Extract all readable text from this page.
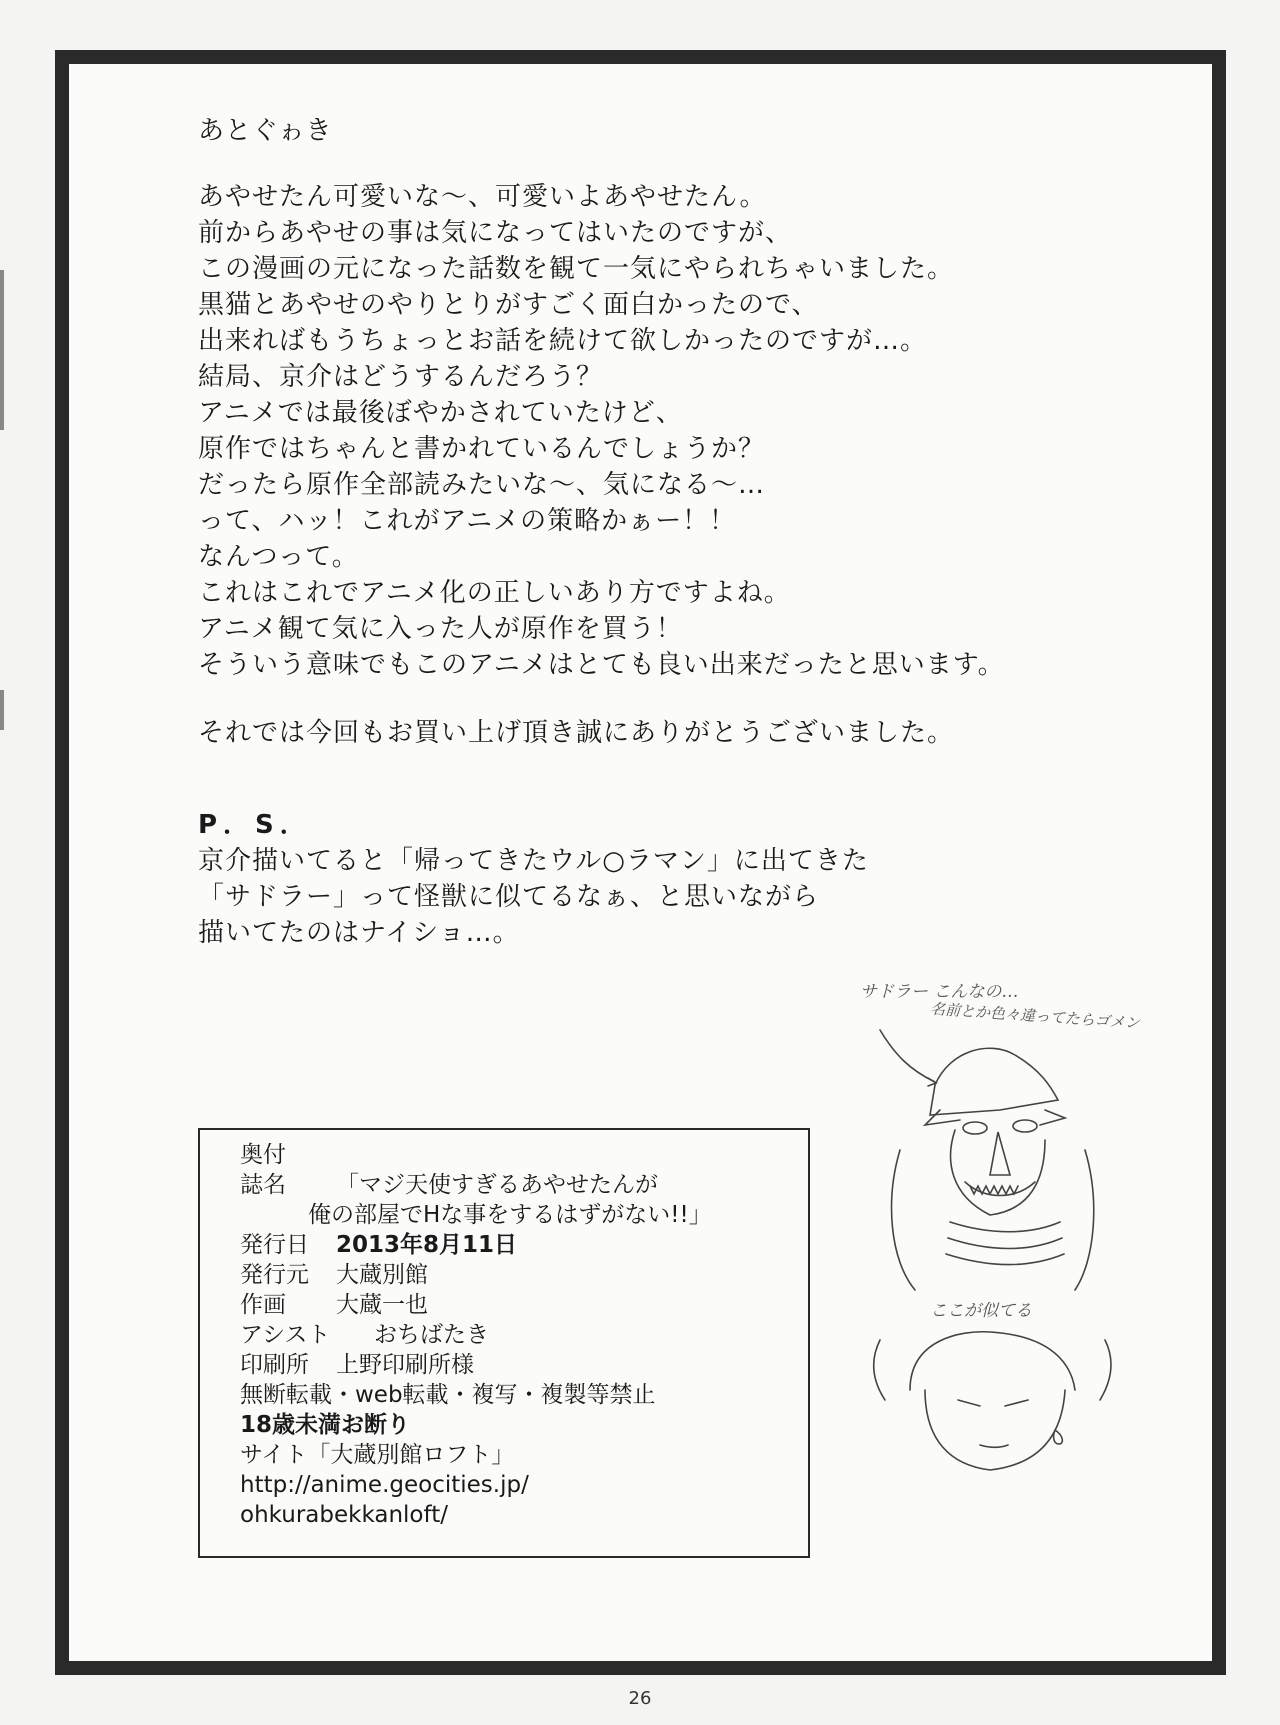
あとぐゎき

あやせたん可愛いな～、可愛いよあやせたん。

前からあやせの事は気になってはいたのですが、

この漫画の元になった話数を観て一気にやられちゃいました。

黒猫とあやせのやりとりがすごく面白かったので、

出来ればもうちょっとお話を続けて欲しかったのですが…。

結局、京介はどうするんだろう？

アニメでは最後ぼやかされていたけど、

原作ではちゃんと書かれているんでしょうか？

だったら原作全部読みたいな～、気になる～…

って、ハッ！これがアニメの策略かぁー！！

なんつって。

これはこれでアニメ化の正しいあり方ですよね。

アニメ観て気に入った人が原作を買う！

そういう意味でもこのアニメはとても良い出来だったと思います。

それでは今回もお買い上げ頂き誠にありがとうございました。
P．S．

京介描いてると「帰ってきたウル○ラマン」に出てきた

「サドラー」って怪獣に似てるなぁ、と思いながら

描いてたのはナイショ…。

奥付
誌名 「マジ天使すぎるあやせたんが
俺の部屋でHな事をするはずがない!!」
発行日 2013年8月11日
発行元 大蔵別館
作画 大蔵一也
アシスト おちばたき
印刷所 上野印刷所様
無断転載・web転載・複写・複製等禁止
18歳未満お断り
サイト「大蔵別館ロフト」
http://anime.geocities.jp/
ohkurabekkanloft/
サドラー こんなの…
名前とか色々違ってたらゴメン
ここが似てる
26
